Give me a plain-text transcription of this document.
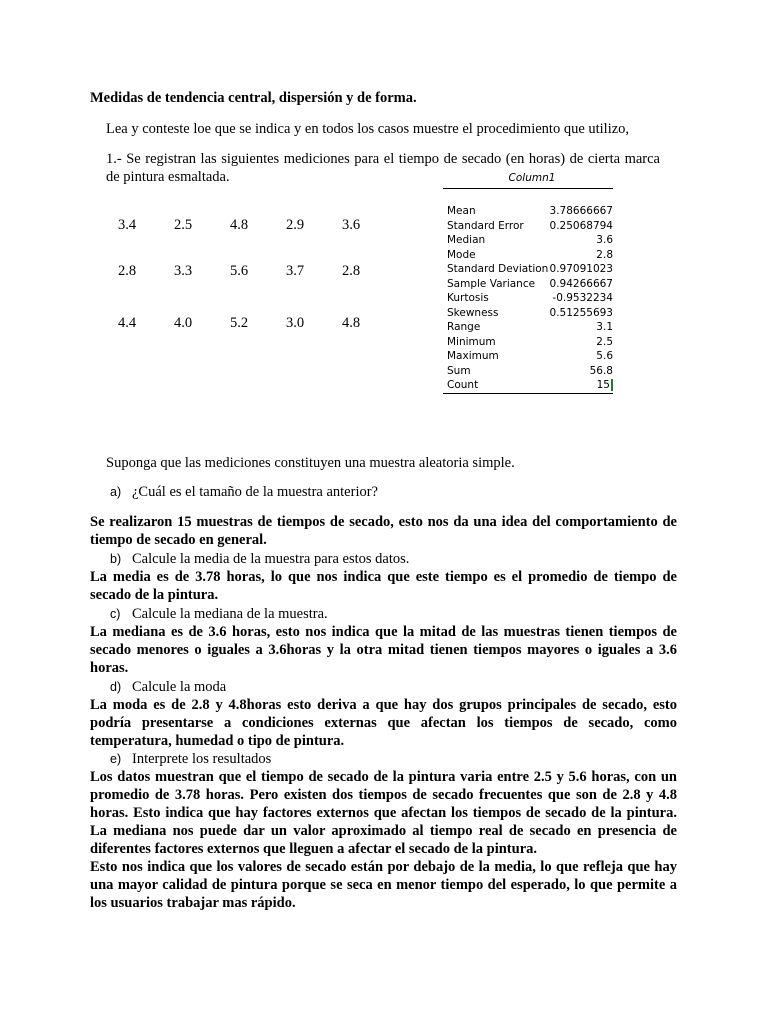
Medidas de tendencia central, dispersión y de forma.
Lea y conteste loe que se indica y en todos los casos muestre el procedimiento que utilizo,
1.- Se registran las siguientes mediciones para el tiempo de secado (en horas) de cierta marca de pintura esmaltada.
3.4	2.5	4.8	2.9	3.6
2.8	3.3	5.6	3.7	2.8
4.4	4.0	5.2	3.0	4.8
Column1
Mean	3.78666667
Standard Error	0.25068794
Median	3.6
Mode	2.8
Standard Deviation 0.97091023
Sample Variance	0.94266667
Kurtosis	-0.9532234
Skewness	0.51255693
Range	3.1
Minimum	2.5
Maximum	5.6
Sum	56.8
Count	15
Suponga que las mediciones constituyen una muestra aleatoria simple.
a) ¿Cuál es el tamaño de la muestra anterior?
Se realizaron 15 muestras de tiempos de secado, esto nos da una idea del comportamiento de tiempo de secado en general.
b) Calcule la media de la muestra para estos datos.
La media es de 3.78 horas, lo que nos indica que este tiempo es el promedio de tiempo de secado de la pintura.
c) Calcule la mediana de la muestra.
La mediana es de 3.6 horas, esto nos indica que la mitad de las muestras tienen tiempos de secado menores o iguales a 3.6horas y la otra mitad tienen tiempos mayores o iguales a 3.6 horas.
d) Calcule la moda
La moda es de 2.8 y 4.8horas esto deriva a que hay dos grupos principales de secado, esto podría presentarse a condiciones externas que afectan los tiempos de secado, como temperatura, humedad o tipo de pintura.
e) Interprete los resultados
Los datos muestran que el tiempo de secado de la pintura varia entre 2.5 y 5.6 horas, con un promedio de 3.78 horas. Pero existen dos tiempos de secado frecuentes que son de 2.8 y 4.8 horas. Esto indica que hay factores externos que afectan los tiempos de secado de la pintura. La mediana nos puede dar un valor aproximado al tiempo real de secado en presencia de diferentes factores externos que lleguen a afectar el secado de la pintura.
Esto nos indica que los valores de secado están por debajo de la media, lo que refleja que hay una mayor calidad de pintura porque se seca en menor tiempo del esperado, lo que permite a los usuarios trabajar mas rápido.
